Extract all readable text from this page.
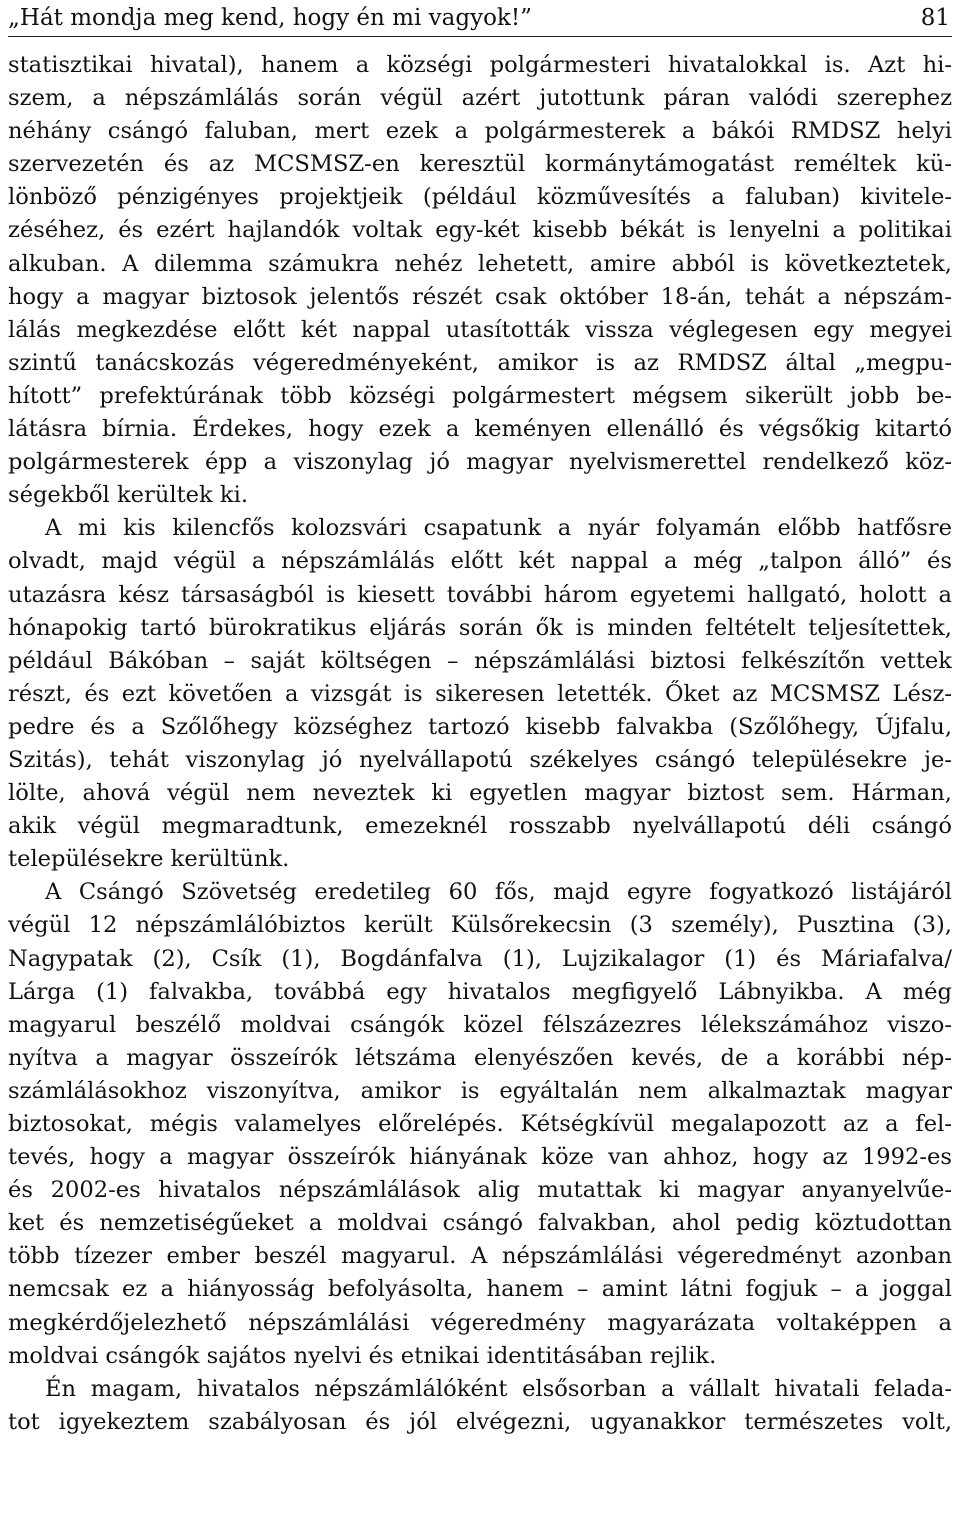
„Hát mondja meg kend, hogy én mi vagyok!”	81
statisztikai hivatal), hanem a községi polgármesteri hivatalokkal is. Azt hi-
szem, a népszámlálás során végül azért jutottunk páran valódi szerephez
néhány csángó faluban, mert ezek a polgármesterek a bákói RMDSZ helyi
szervezetén és az MCSMSZ-en keresztül kormánytámogatást reméltek kü-
lönböző pénzigényes projektjeik (például közművesítés a faluban) kivitele-
zéséhez, és ezért hajlandók voltak egy-két kisebb békát is lenyelni a politikai
alkuban. A dilemma számukra nehéz lehetett, amire abból is következtetek,
hogy a magyar biztosok jelentős részét csak október 18-án, tehát a népszám-
lálás megkezdése előtt két nappal utasították vissza véglegesen egy megyei
szintű tanácskozás végeredményeként, amikor is az RMDSZ által „megpu-
hított” prefektúrának több községi polgármestert mégsem sikerült jobb be-
látásra bírnia. Érdekes, hogy ezek a keményen ellenálló és végsőkig kitartó
polgármesterek épp a viszonylag jó magyar nyelvismerettel rendelkező köz-
ségekből kerültek ki.
A mi kis kilencfős kolozsvári csapatunk a nyár folyamán előbb hatfősre
olvadt, majd végül a népszámlálás előtt két nappal a még „talpon álló” és
utazásra kész társaságból is kiesett további három egyetemi hallgató, holott a
hónapokig tartó bürokratikus eljárás során ők is minden feltételt teljesítettek,
például Bákóban – saját költségen – népszámlálási biztosi felkészítőn vettek
részt, és ezt követően a vizsgát is sikeresen letették. Őket az MCSMSZ Lész-
pedre és a Szőlőhegy községhez tartozó kisebb falvakba (Szőlőhegy, Újfalu,
Szitás), tehát viszonylag jó nyelvállapotú székelyes csángó településekre je-
lölte, ahová végül nem neveztek ki egyetlen magyar biztost sem. Hárman,
akik végül megmaradtunk, emezeknél rosszabb nyelvállapotú déli csángó
településekre kerültünk.
A Csángó Szövetség eredetileg 60 fős, majd egyre fogyatkozó listájáról
végül 12 népszámlálóbiztos került Külsőrekecsin (3 személy), Pusztina (3),
Nagypatak (2), Csík (1), Bogdánfalva (1), Lujzikalagor (1) és Máriafalva/
Lárga (1) falvakba, továbbá egy hivatalos megfigyelő Lábnyikba. A még
magyarul beszélő moldvai csángók közel félszázezres lélekszámához viszo-
nyítva a magyar összeírók létszáma elenyészően kevés, de a korábbi nép-
számlálásokhoz viszonyítva, amikor is egyáltalán nem alkalmaztak magyar
biztosokat, mégis valamelyes előrelépés. Kétségkívül megalapozott az a fel-
tevés, hogy a magyar összeírók hiányának köze van ahhoz, hogy az 1992-es
és 2002-es hivatalos népszámlálások alig mutattak ki magyar anyanyelvűe-
ket és nemzetiségűeket a moldvai csángó falvakban, ahol pedig köztudottan
több tízezer ember beszél magyarul. A népszámlálási végeredményt azonban
nemcsak ez a hiányosság befolyásolta, hanem – amint látni fogjuk – a joggal
megkérdőjelezhető népszámlálási végeredmény magyarázata voltaképpen a
moldvai csángók sajátos nyelvi és etnikai identitásában rejlik.
Én magam, hivatalos népszámlálóként elsősorban a vállalt hivatali felada-
tot igyekeztem szabályosan és jól elvégezni, ugyanakkor természetes volt,
